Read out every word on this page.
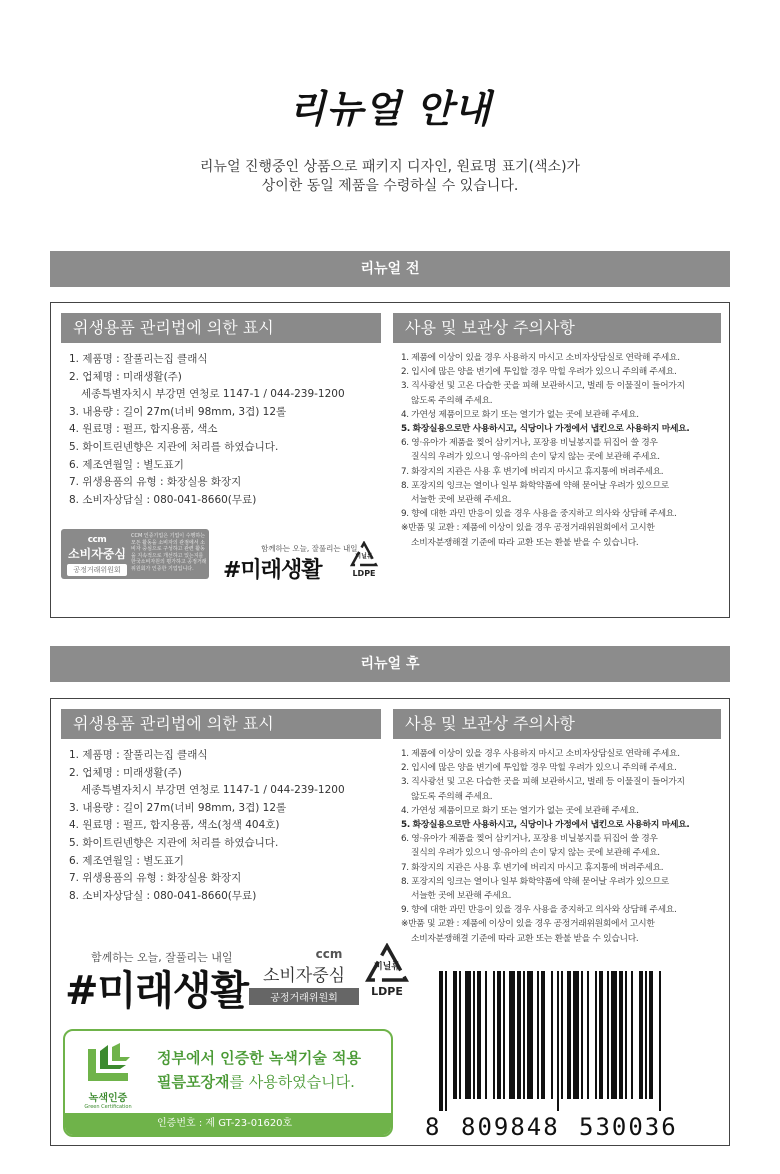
리뉴얼 안내
리뉴얼 진행중인 상품으로 패키지 디자인, 원료명 표기(색소)가
상이한 동일 제품을 수령하실 수 있습니다.
리뉴얼 전
위생용품 관리법에 의한 표시	사용 및 보관상 주의사항
1. 제품명 : 잘풀리는집 클래식
2. 업체명 : 미래생활(주)
세종특별자치시 부강면 연청로 1147-1 / 044-239-1200
3. 내용량 : 길이 27m(너비 98mm, 3겹) 12롤
4. 원료명 : 펄프, 합지용품, 색소
5. 화이트린넨향은 지관에 처리를 하였습니다.
6. 제조연월일 : 별도표기
7. 위생용품의 유형 : 화장실용 화장지
8. 소비자상담실 : 080-041-8660(무료)
1. 제품에 이상이 있을 경우 사용하지 마시고 소비자상담실로 연락해 주세요.
2. 입시에 많은 양을 변기에 투입할 경우 막힐 우려가 있으니 주의해 주세요.
3. 직사광선 및 고온 다습한 곳을 피해 보관하시고, 벌레 등 이물질이 들어가지
않도록 주의해 주세요.
4. 가연성 제품이므로 화기 또는 열기가 없는 곳에 보관해 주세요.
5. 화장실용으로만 사용하시고, 식당이나 가정에서 냅킨으로 사용하지 마세요.
6. 영·유아가 제품을 찢어 삼키거나, 포장용 비닐봉지를 뒤집어 쓸 경우
질식의 우려가 있으니 영·유아의 손이 닿지 않는 곳에 보관해 주세요.
7. 화장지의 지관은 사용 후 변기에 버리지 마시고 휴지통에 버려주세요.
8. 포장지의 잉크는 열이나 일부 화학약품에 약해 묻어날 우려가 있으므로
서늘한 곳에 보관해 주세요.
9. 향에 대한 과민 반응이 있을 경우 사용을 중지하고 의사와 상담해 주세요.
※반품 및 교환 : 제품에 이상이 있을 경우 공정거래위원회에서 고시한
소비자분쟁해결 기준에 따라 교환 또는 환불 받을 수 있습니다.
ccm
소비자중심
공정거래위원회
CCM 인증기업은 기업이 수행하는 모든 활동을 소비자의 관점에서 소비자 중심으로 구성하고 관련 활동을 지속적으로 개선하고 있는지를 한국소비자원의 평가하고 공정거래위원회가 인증한 기업입니다.
함께하는 오늘, 잘풀리는 내일
#미래생활
비닐류
LDPE
리뉴얼 후
위생용품 관리법에 의한 표시	사용 및 보관상 주의사항
1. 제품명 : 잘풀리는집 클래식
2. 업체명 : 미래생활(주)
세종특별자치시 부강면 연청로 1147-1 / 044-239-1200
3. 내용량 : 길이 27m(너비 98mm, 3겹) 12롤
4. 원료명 : 펄프, 합지용품, 색소(청색 404호)
5. 화이트린넨향은 지관에 처리를 하였습니다.
6. 제조연월일 : 별도표기
7. 위생용품의 유형 : 화장실용 화장지
8. 소비자상담실 : 080-041-8660(무료)
1. 제품에 이상이 있을 경우 사용하지 마시고 소비자상담실로 연락해 주세요.
2. 입시에 많은 양을 변기에 투입할 경우 막힐 우려가 있으니 주의해 주세요.
3. 직사광선 및 고온 다습한 곳을 피해 보관하시고, 벌레 등 이물질이 들어가지
않도록 주의해 주세요.
4. 가연성 제품이므로 화기 또는 열기가 없는 곳에 보관해 주세요.
5. 화장실용으로만 사용하시고, 식당이나 가정에서 냅킨으로 사용하지 마세요.
6. 영·유아가 제품을 찢어 삼키거나, 포장용 비닐봉지를 뒤집어 쓸 경우
질식의 우려가 있으니 영·유아의 손이 닿지 않는 곳에 보관해 주세요.
7. 화장지의 지관은 사용 후 변기에 버리지 마시고 휴지통에 버려주세요.
8. 포장지의 잉크는 열이나 일부 화학약품에 약해 묻어날 우려가 있으므로
서늘한 곳에 보관해 주세요.
9. 향에 대한 과민 반응이 있을 경우 사용을 중지하고 의사와 상담해 주세요.
※반품 및 교환 : 제품에 이상이 있을 경우 공정거래위원회에서 고시한
소비자분쟁해결 기준에 따라 교환 또는 환불 받을 수 있습니다.
함께하는 오늘, 잘풀리는 내일
#미래생활
ccm
소비자중심
공정거래위원회
비닐류
LDPE
녹색인증
Green Certification
정부에서 인증한 녹색기술 적용
필름포장재를 사용하였습니다.
인증번호 : 제 GT-23-01620호	8 809848 530036
